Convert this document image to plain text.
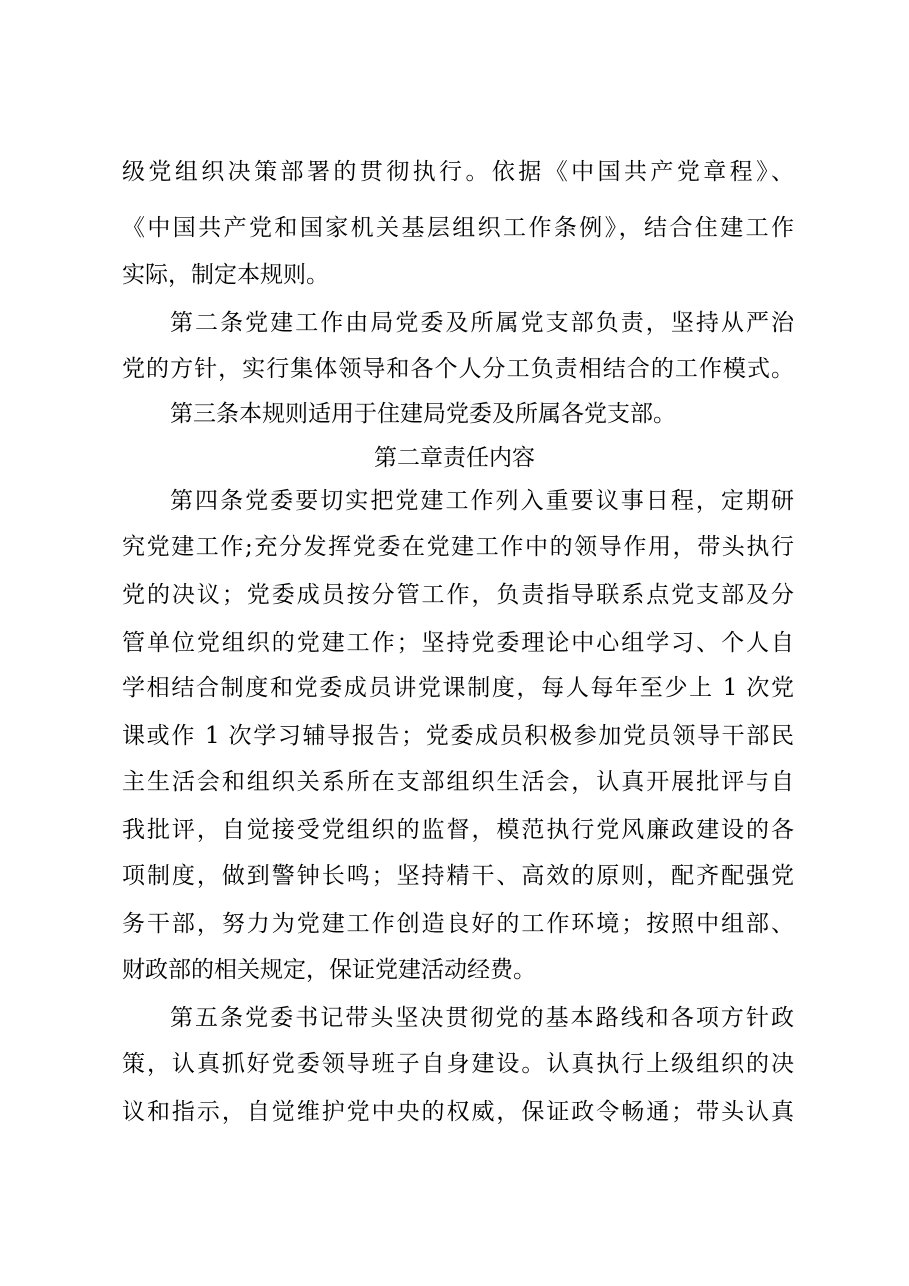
级党组织决策部署的贯彻执行。依据《中国共产党章程》、
《中国共产党和国家机关基层组织工作条例》，结合住建工作
实际，制定本规则。
第二条党建工作由局党委及所属党支部负责，坚持从严治
党的方针，实行集体领导和各个人分工负责相结合的工作模式。
第三条本规则适用于住建局党委及所属各党支部。
第二章责任内容
第四条党委要切实把党建工作列入重要议事日程，定期研
究党建工作;充分发挥党委在党建工作中的领导作用，带头执行
党的决议；党委成员按分管工作，负责指导联系点党支部及分
管单位党组织的党建工作；坚持党委理论中心组学习、个人自
学相结合制度和党委成员讲党课制度，每人每年至少上 1 次党
课或作 1 次学习辅导报告；党委成员积极参加党员领导干部民
主生活会和组织关系所在支部组织生活会，认真开展批评与自
我批评，自觉接受党组织的监督，模范执行党风廉政建设的各
项制度，做到警钟长鸣；坚持精干、高效的原则，配齐配强党
务干部，努力为党建工作创造良好的工作环境；按照中组部、
财政部的相关规定，保证党建活动经费。
第五条党委书记带头坚决贯彻党的基本路线和各项方针政
策，认真抓好党委领导班子自身建设。认真执行上级组织的决
议和指示，自觉维护党中央的权威，保证政令畅通；带头认真
